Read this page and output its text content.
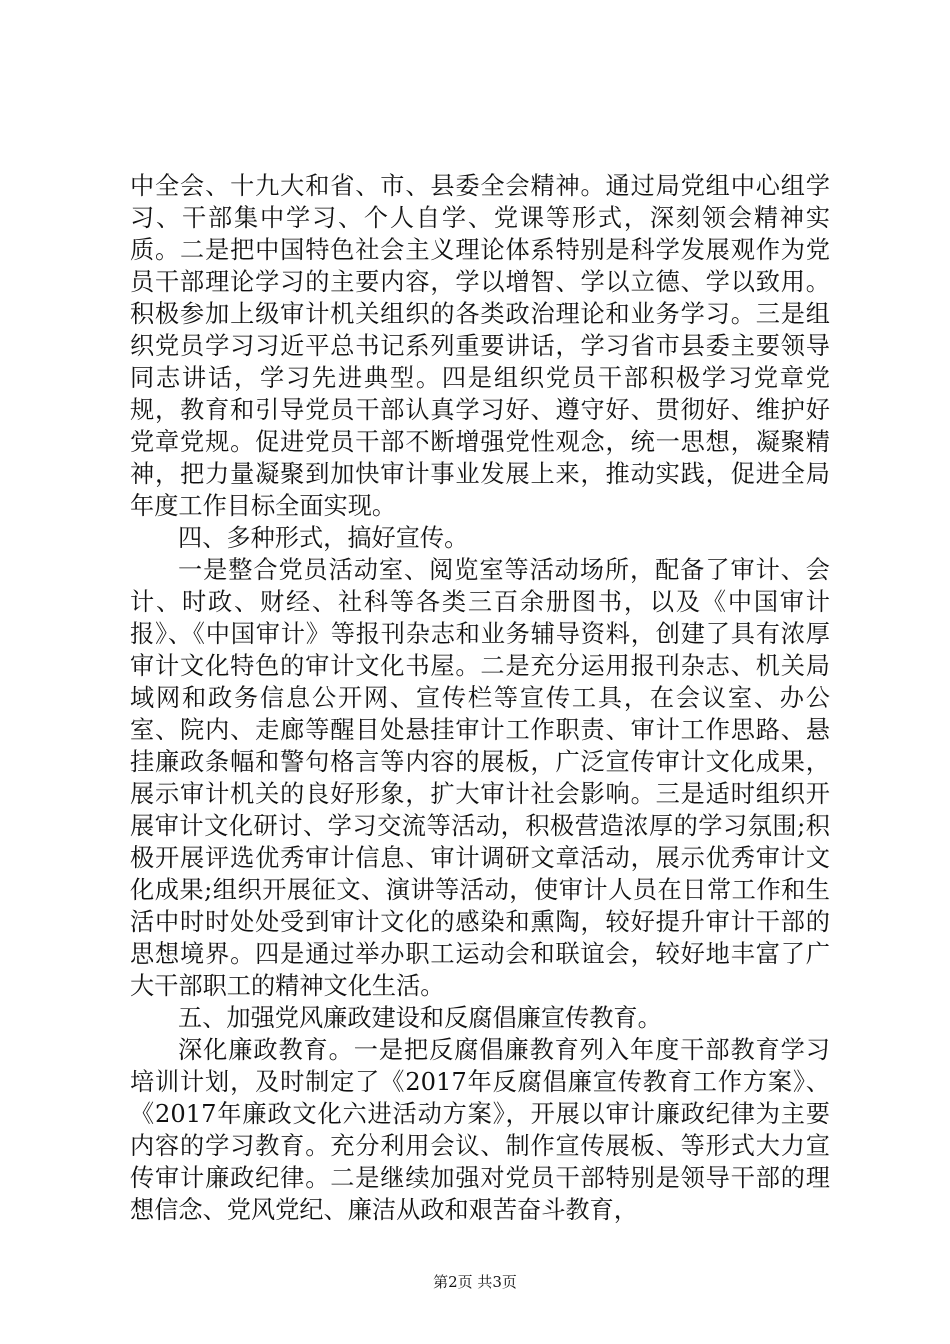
中全会、十九大和省、市、县委全会精神。通过局党组中心组学习、干部集中学习、个人自学、党课等形式，深刻领会精神实质。二是把中国特色社会主义理论体系特别是科学发展观作为党员干部理论学习的主要内容，学以增智、学以立德、学以致用。积极参加上级审计机关组织的各类政治理论和业务学习。三是组织党员学习习近平总书记系列重要讲话，学习省市县委主要领导同志讲话，学习先进典型。四是组织党员干部积极学习党章党规，教育和引导党员干部认真学习好、遵守好、贯彻好、维护好党章党规。促进党员干部不断增强党性观念，统一思想，凝聚精神，把力量凝聚到加快审计事业发展上来，推动实践，促进全局年度工作目标全面实现。

四、多种形式，搞好宣传。

一是整合党员活动室、阅览室等活动场所，配备了审计、会计、时政、财经、社科等各类三百余册图书，以及《中国审计报》、《中国审计》等报刊杂志和业务辅导资料，创建了具有浓厚审计文化特色的审计文化书屋。二是充分运用报刊杂志、机关局域网和政务信息公开网、宣传栏等宣传工具，在会议室、办公室、院内、走廊等醒目处悬挂审计工作职责、审计工作思路、悬挂廉政条幅和警句格言等内容的展板，广泛宣传审计文化成果，展示审计机关的良好形象，扩大审计社会影响。三是适时组织开展审计文化研讨、学习交流等活动，积极营造浓厚的学习氛围;积极开展评选优秀审计信息、审计调研文章活动，展示优秀审计文化成果;组织开展征文、演讲等活动，使审计人员在日常工作和生活中时时处处受到审计文化的感染和熏陶，较好提升审计干部的思想境界。四是通过举办职工运动会和联谊会，较好地丰富了广大干部职工的精神文化生活。

五、加强党风廉政建设和反腐倡廉宣传教育。

深化廉政教育。一是把反腐倡廉教育列入年度干部教育学习培训计划，及时制定了《2017年反腐倡廉宣传教育工作方案》、《2017年廉政文化六进活动方案》，开展以审计廉政纪律为主要内容的学习教育。充分利用会议、制作宣传展板、等形式大力宣传审计廉政纪律。二是继续加强对党员干部特别是领导干部的理想信念、党风党纪、廉洁从政和艰苦奋斗教育，

第2页 共3页
